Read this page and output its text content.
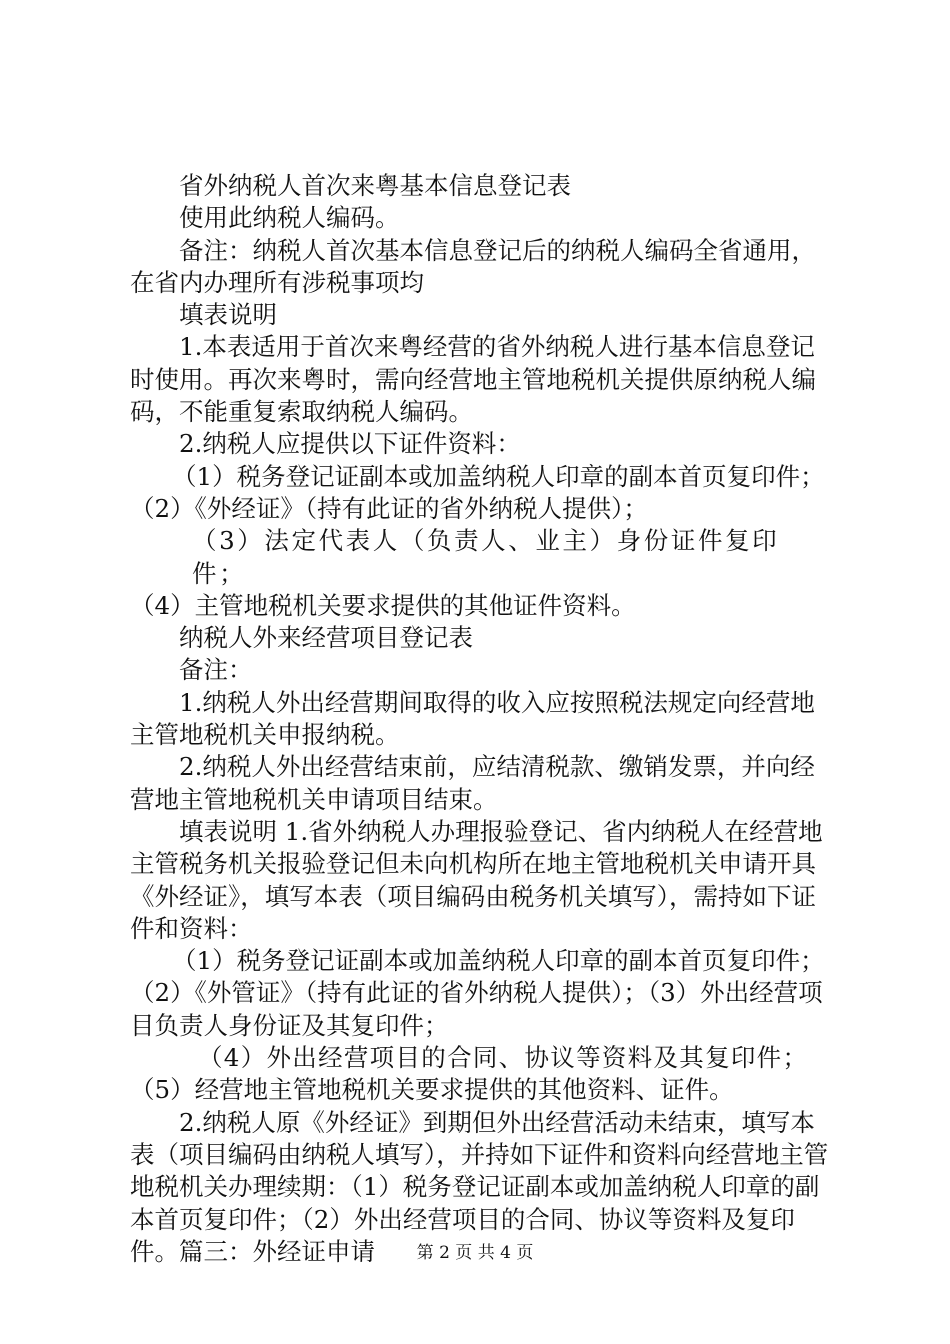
省外纳税人首次来粤基本信息登记表

使用此纳税人编码。

备注：纳税人首次基本信息登记后的纳税人编码全省通用，在省内办理所有涉税事项均

填表说明

1.本表适用于首次来粤经营的省外纳税人进行基本信息登记时使用。再次来粤时，需向经营地主管地税机关提供原纳税人编码，不能重复索取纳税人编码。

2.纳税人应提供以下证件资料：

（1）税务登记证副本或加盖纳税人印章的副本首页复印件；

（2）《外经证》（持有此证的省外纳税人提供）；

（3）法定代表人（负责人、业主）身份证件复印件；

（4）主管地税机关要求提供的其他证件资料。

纳税人外来经营项目登记表

备注：

1.纳税人外出经营期间取得的收入应按照税法规定向经营地主管地税机关申报纳税。

2.纳税人外出经营结束前，应结清税款、缴销发票，并向经营地主管地税机关申请项目结束。

填表说明 1.省外纳税人办理报验登记、省内纳税人在经营地主管税务机关报验登记但未向机构所在地主管地税机关申请开具《外经证》，填写本表（项目编码由税务机关填写），需持如下证件和资料：

（1）税务登记证副本或加盖纳税人印章的副本首页复印件；

（2）《外管证》（持有此证的省外纳税人提供）；（3）外出经营项目负责人身份证及其复印件；

（4）外出经营项目的合同、协议等资料及其复印件；

（5）经营地主管地税机关要求提供的其他资料、证件。

2.纳税人原《外经证》到期但外出经营活动未结束，填写本表（项目编码由纳税人填写），并持如下证件和资料向经营地主管地税机关办理续期：（1）税务登记证副本或加盖纳税人印章的副本首页复印件；（2）外出经营项目的合同、协议等资料及复印件。篇三：外经证申请	第 2 页 共 4 页
